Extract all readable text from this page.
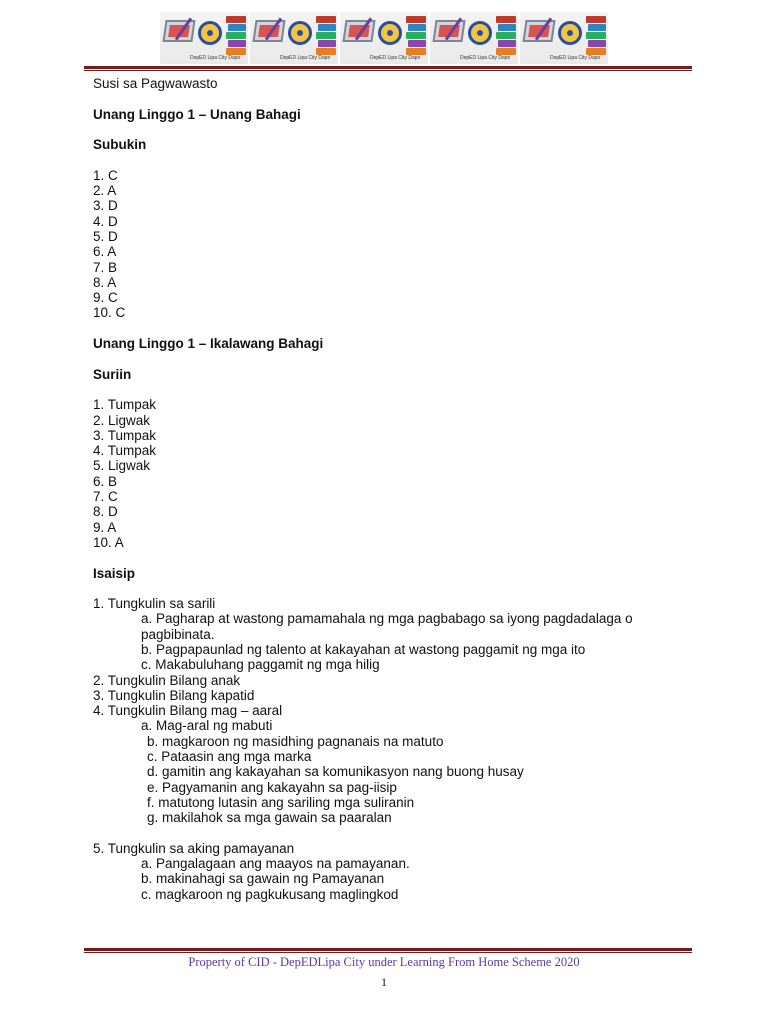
DepED Lipa City Dapo	DepED Lipa City Dapo	DepED Lipa City Dapo	DepED Lipa City Dapo	DepED Lipa City Dapo

Susi sa Pagwawasto

Unang Linggo 1 – Unang Bahagi

Subukin

1. C

2. A

3. D

4. D

5. D

6. A

7. B

8. A

9. C

10. C

Unang Linggo 1 – Ikalawang Bahagi

Suriin

1. Tumpak

2. Ligwak

3. Tumpak

4. Tumpak

5. Ligwak

6. B

7. C

8. D

9. A

10. A

Isaisip

1. Tungkulin sa sarili

a. Pagharap at wastong pamamahala ng mga pagbabago sa iyong pagdadalaga o

pagbibinata.

b. Pagpapaunlad ng talento at kakayahan at wastong paggamit ng mga ito

c. Makabuluhang paggamit ng mga hilig

2. Tungkulin Bilang anak

3. Tungkulin Bilang kapatid

4. Tungkulin Bilang mag – aaral

a. Mag-aral ng mabuti

b. magkaroon ng masidhing pagnanais na matuto

c. Pataasin ang mga marka

d. gamitin ang kakayahan sa komunikasyon nang buong husay

e. Pagyamanin ang kakayahn sa pag-iisip

f. matutong lutasin ang sariling mga suliranin

g. makilahok sa mga gawain sa paaralan

5. Tungkulin sa aking pamayanan

a. Pangalagaan ang maayos na pamayanan.

b. makinahagi sa gawain ng Pamayanan

c. magkaroon ng pagkukusang maglingkod

Property of CID - DepEDLipa City under Learning From Home Scheme 2020
1
